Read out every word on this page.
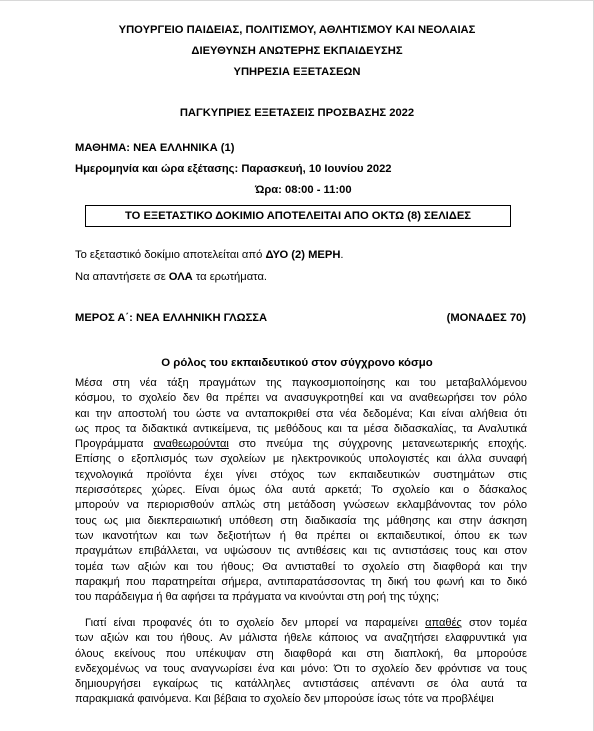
ΥΠΟΥΡΓΕΙΟ ΠΑΙΔΕΙΑΣ, ΠΟΛΙΤΙΣΜΟΥ, ΑΘΛΗΤΙΣΜΟΥ ΚΑΙ ΝΕΟΛΑΙΑΣ
ΔΙΕΥΘΥΝΣΗ ΑΝΩΤΕΡΗΣ ΕΚΠΑΙΔΕΥΣΗΣ
ΥΠΗΡΕΣΙΑ ΕΞΕΤΑΣΕΩΝ
ΠΑΓΚΥΠΡΙΕΣ ΕΞΕΤΑΣΕΙΣ ΠΡΟΣΒΑΣΗΣ 2022
ΜΑΘΗΜΑ: ΝΕΑ ΕΛΛΗΝΙΚΑ (1)
Ημερομηνία και ώρα εξέτασης: Παρασκευή, 10 Ιουνίου 2022
Ώρα: 08:00 - 11:00
ΤΟ ΕΞΕΤΑΣΤΙΚΟ ΔΟΚΙΜΙΟ ΑΠΟΤΕΛΕΙΤΑΙ ΑΠΟ ΟΚΤΩ (8) ΣΕΛΙΔΕΣ
Το εξεταστικό δοκίμιο αποτελείται από ΔΥΟ (2) ΜΕΡΗ.
Να απαντήσετε σε ΟΛΑ τα ερωτήματα.
ΜΕΡΟΣ Α΄: ΝΕΑ ΕΛΛΗΝΙΚΗ ΓΛΩΣΣΑ	(ΜΟΝΑΔΕΣ 70)
Ο ρόλος του εκπαιδευτικού στον σύγχρονο κόσμο
Μέσα στη νέα τάξη πραγμάτων της παγκοσμιοποίησης και του μεταβαλλόμενου
κόσμου, το σχολείο δεν θα πρέπει να ανασυγκροτηθεί και να αναθεωρήσει τον ρόλο
και την αποστολή του ώστε να ανταποκριθεί στα νέα δεδομένα; Και είναι αλήθεια ότι
ως προς τα διδακτικά αντικείμενα, τις μεθόδους και τα μέσα διδασκαλίας, τα Αναλυτικά
Προγράμματα αναθεωρούνται στο πνεύμα της σύγχρονης μετανεωτερικής εποχής.
Επίσης ο εξοπλισμός των σχολείων με ηλεκτρονικούς υπολογιστές και άλλα συναφή
τεχνολογικά προϊόντα έχει γίνει στόχος των εκπαιδευτικών συστημάτων στις
περισσότερες χώρες. Είναι όμως όλα αυτά αρκετά; Το σχολείο και ο δάσκαλος
μπορούν να περιορισθούν απλώς στη μετάδοση γνώσεων εκλαμβάνοντας τον ρόλο
τους ως μια διεκπεραιωτική υπόθεση στη διαδικασία της μάθησης και στην άσκηση
των ικανοτήτων και των δεξιοτήτων ή θα πρέπει οι εκπαιδευτικοί, όπου εκ των
πραγμάτων επιβάλλεται, να υψώσουν τις αντιθέσεις και τις αντιστάσεις τους και στον
τομέα των αξιών και του ήθους; Θα αντισταθεί το σχολείο στη διαφθορά και την
παρακμή που παρατηρείται σήμερα, αντιπαρατάσσοντας τη δική του φωνή και το δικό
του παράδειγμα ή θα αφήσει τα πράγματα να κινούνται στη ροή της τύχης;
Γιατί είναι προφανές ότι το σχολείο δεν μπορεί να παραμείνει απαθές στον τομέα
των αξιών και του ήθους. Αν μάλιστα ήθελε κάποιος να αναζητήσει ελαφρυντικά για
όλους εκείνους που υπέκυψαν στη διαφθορά και στη διαπλοκή, θα μπορούσε
ενδεχομένως να τους αναγνωρίσει ένα και μόνο: Ότι το σχολείο δεν φρόντισε να τους
δημιουργήσει εγκαίρως τις κατάλληλες αντιστάσεις απέναντι σε όλα αυτά τα
παρακμιακά φαινόμενα. Και βέβαια το σχολείο δεν μπορούσε ίσως τότε να προβλέψει
